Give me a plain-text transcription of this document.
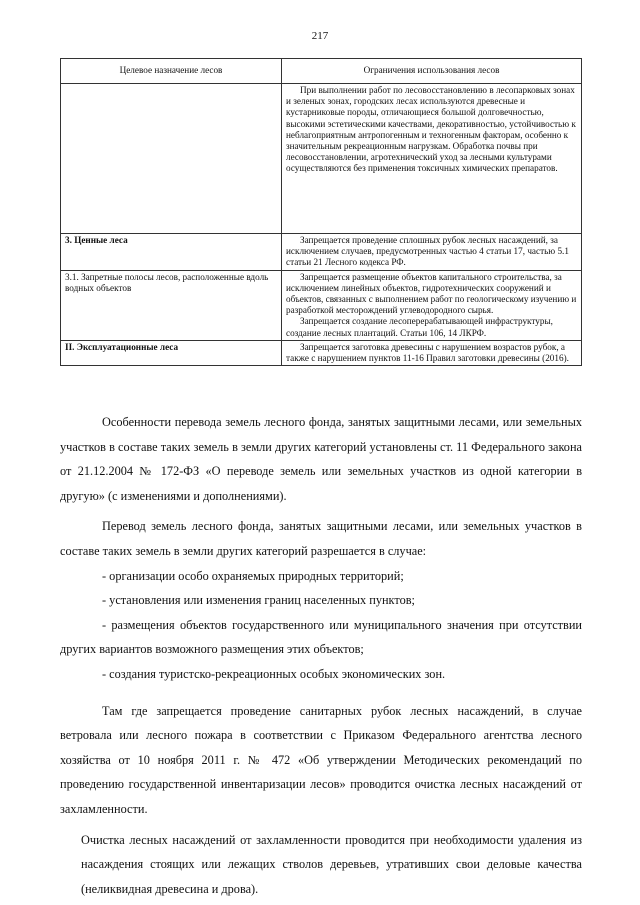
217
Целевое назначение лесов	Ограничения использования лесов

	При выполнении работ по лесовосстановлению в лесопарковых зонах и зеленых зонах, городских лесах используются древесные и кустарниковые породы, отличающиеся большой долговечностью, высокими эстетическими качествами, декоративностью, устойчивостью к неблагоприятным антропогенным и техногенным факторам, особенно к значительным рекреационным нагрузкам. Обработка почвы при лесовосстановлении, агротехнический уход за лесными культурами осуществляются без применения токсичных химических препаратов.

3. Ценные леса	Запрещается проведение сплошных рубок лесных насаждений, за исключением случаев, предусмотренных частью 4 статьи 17, частью 5.1 статьи 21 Лесного кодекса РФ.

3.1. Запретные полосы лесов, расположенные вдоль водных объектов	Запрещается размещение объектов капитального строительства, за исключением линейных объектов, гидротехнических сооружений и объектов, связанных с выполнением работ по геологическому изучению и разработкой месторождений углеводородного сырья.
Запрещается создание лесоперерабатывающей инфраструктуры, создание лесных плантаций. Статьи 106, 14 ЛКРФ.

II. Эксплуатационные леса	Запрещается заготовка древесины с нарушением возрастов рубок, а также с нарушением пунктов 11-16 Правил заготовки древесины (2016).

Особенности перевода земель лесного фонда, занятых защитными лесами, или земельных участков в составе таких земель в земли других категорий установлены ст. 11 Федерального закона от 21.12.2004 № 172-ФЗ «О переводе земель или земельных участков из одной категории в другую» (с изменениями и дополнениями).

Перевод земель лесного фонда, занятых защитными лесами, или земельных участков в составе таких земель в земли других категорий разрешается в случае:

- организации особо охраняемых природных территорий;

- установления или изменения границ населенных пунктов;

- размещения объектов государственного или муниципального значения при отсутствии других вариантов возможного размещения этих объектов;

- создания туристско-рекреационных особых экономических зон.

Там где запрещается проведение санитарных рубок лесных насаждений, в случае ветровала или лесного пожара в соответствии с Приказом Федерального агентства лесного хозяйства от 10 ноября 2011 г. № 472 «Об утверждении Методических рекомендаций по проведению государственной инвентаризации лесов» проводится очистка лесных насаждений от захламленности.

Очистка лесных насаждений от захламленности проводится при необходимости удаления из насаждения стоящих или лежащих стволов деревьев, утративших свои деловые качества (неликвидная древесина и дрова).
